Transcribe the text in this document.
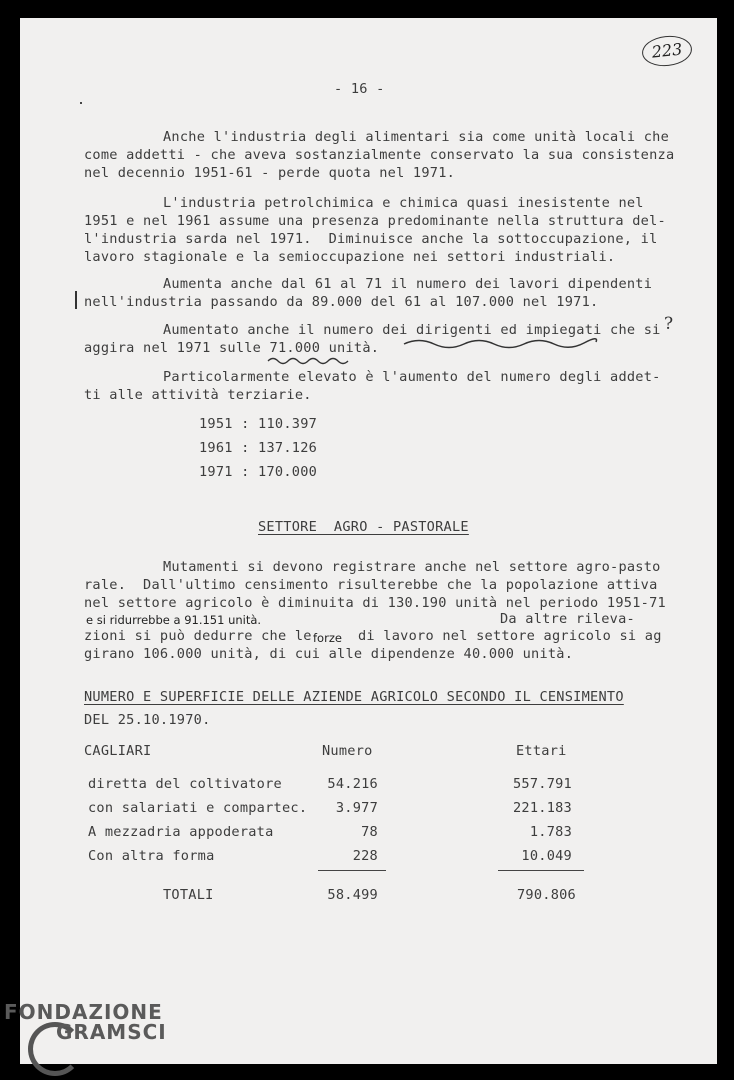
223
- 16 -
Anche l'industria degli alimentari sia come unità locali che
come addetti - che aveva sostanzialmente conservato la sua consistenza
nel decennio 1951-61 - perde quota nel 1971.
L'industria petrolchimica e chimica quasi inesistente nel
1951 e nel 1961 assume una presenza predominante nella struttura del-
l'industria sarda nel 1971.  Diminuisce anche la sottoccupazione, il
lavoro stagionale e la semioccupazione nei settori industriali.
Aumenta anche dal 61 al 71 il numero dei lavori dipendenti
nell'industria passando da 89.000 del 61 al 107.000 nel 1971.
Aumentato anche il numero dei dirigenti ed impiegati che si
aggira nel 1971 sulle 71.000 unità.
?
Particolarmente elevato è l'aumento del numero degli addet-
ti alle attività terziarie.
1951 : 110.397
1961 : 137.126
1971 : 170.000
SETTORE  AGRO - PASTORALE
Mutamenti si devono registrare anche nel settore agro-pasto
rale.  Dall'ultimo censimento risulterebbe che la popolazione attiva
nel settore agricolo è diminuita di 130.190 unità nel periodo 1951-71
e si ridurrebbe a 91.151 unità.	Da altre rileva-
zioni si può dedurre che le forze di lavoro nel settore agricolo si ag
girano 106.000 unità, di cui alle dipendenze 40.000 unità.
NUMERO E SUPERFICIE DELLE AZIENDE AGRICOLO SECONDO IL CENSIMENTO
DEL 25.10.1970.
CAGLIARI	Numero	Ettari
diretta del coltivatore	54.216	557.791
con salariati e compartec.	3.977	221.183
A mezzadria appoderata	78	1.783
Con altra forma	228	10.049
TOTALI	58.499	790.806
FONDAZIONE
GRAMSCI
